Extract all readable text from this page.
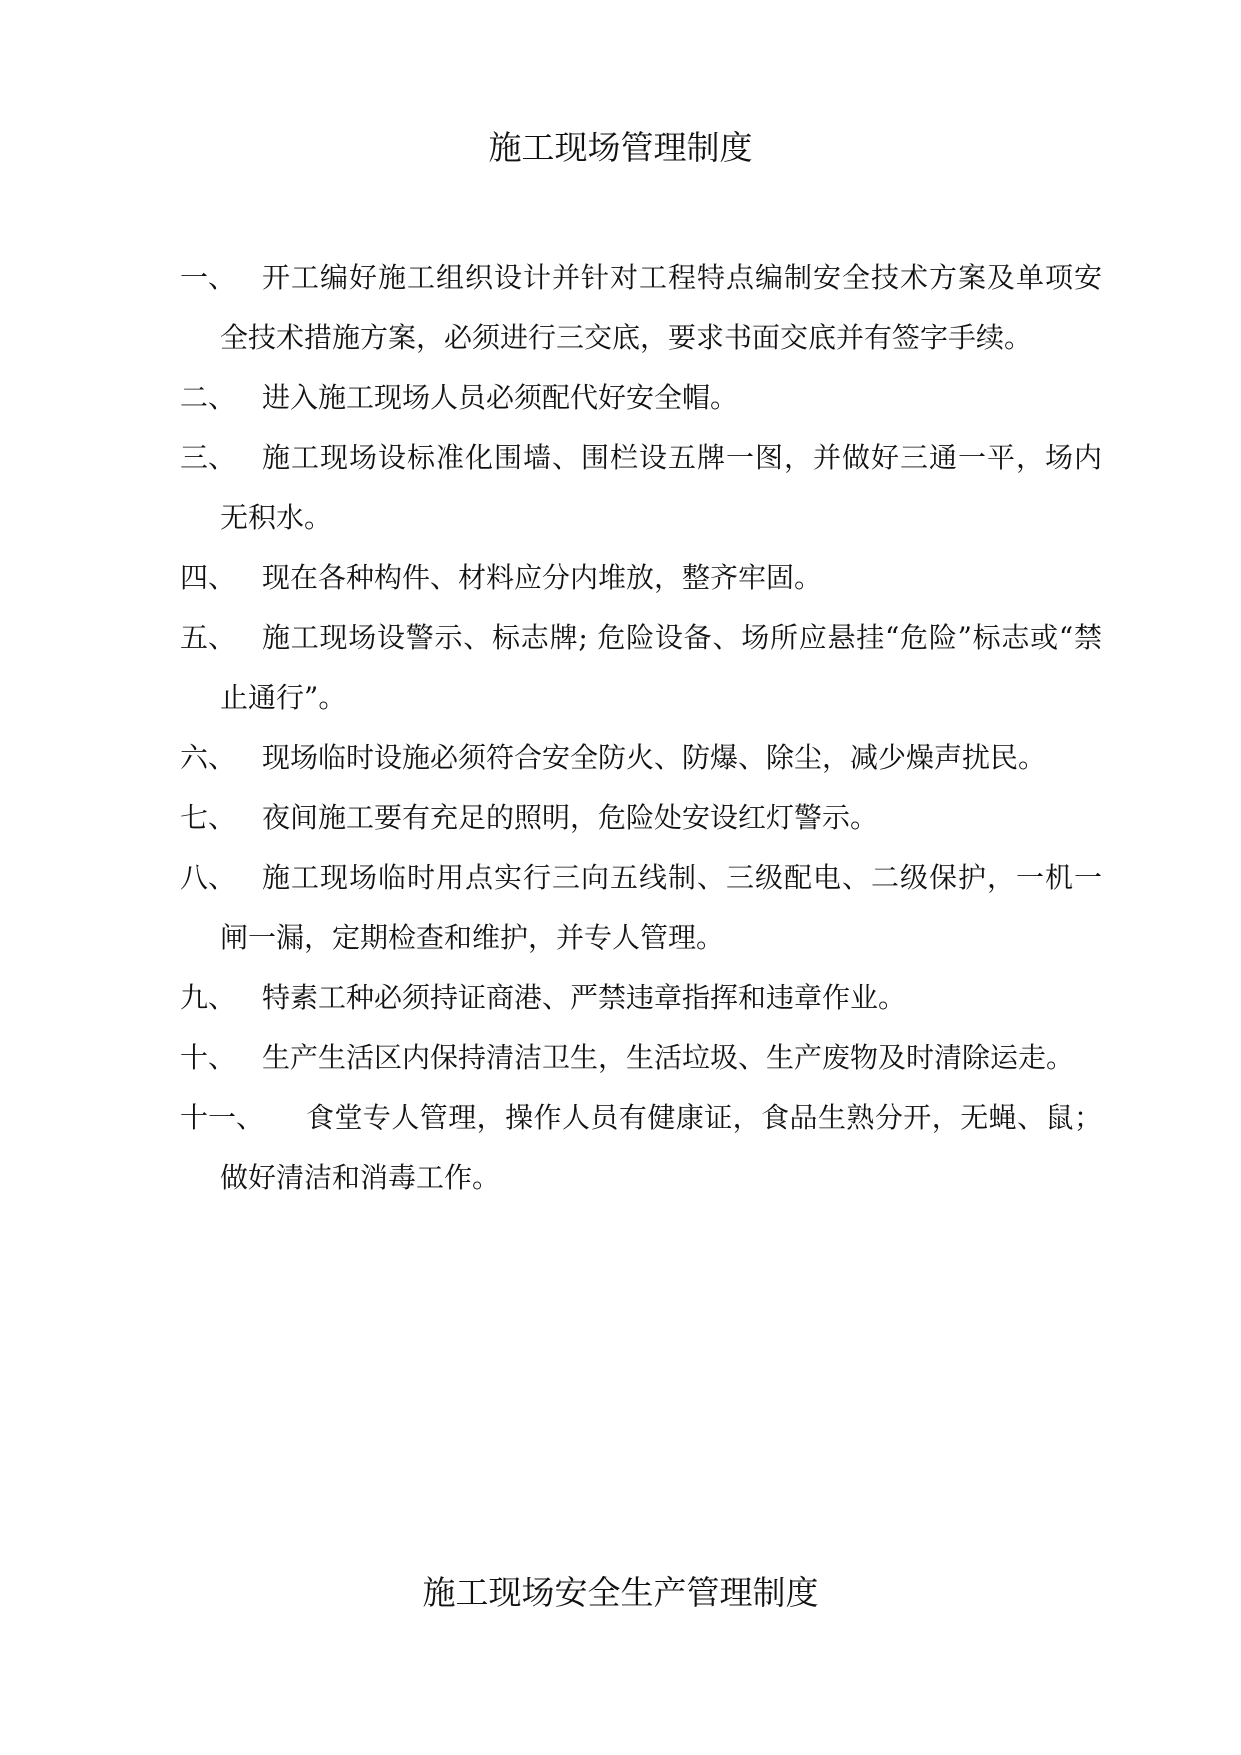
施工现场管理制度
一、 开工编好施工组织设计并针对工程特点编制安全技术方案及单项安全技术措施方案，必须进行三交底，要求书面交底并有签字手续。
二、 进入施工现场人员必须配代好安全帽。
三、 施工现场设标准化围墙、围栏设五牌一图，并做好三通一平，场内无积水。
四、 现在各种构件、材料应分内堆放，整齐牢固。
五、 施工现场设警示、标志牌; 危险设备、场所应悬挂“危险”标志或“禁止通行”。
六、 现场临时设施必须符合安全防火、防爆、除尘，减少燥声扰民。
七、 夜间施工要有充足的照明，危险处安设红灯警示。
八、 施工现场临时用点实行三向五线制、三级配电、二级保护，一机一闸一漏，定期检查和维护，并专人管理。
九、 特素工种必须持证商港、严禁违章指挥和违章作业。
十、 生产生活区内保持清洁卫生，生活垃圾、生产废物及时清除运走。
十一、	食堂专人管理，操作人员有健康证，食品生熟分开，无蝇、鼠；做好清洁和消毒工作。
施工现场安全生产管理制度
